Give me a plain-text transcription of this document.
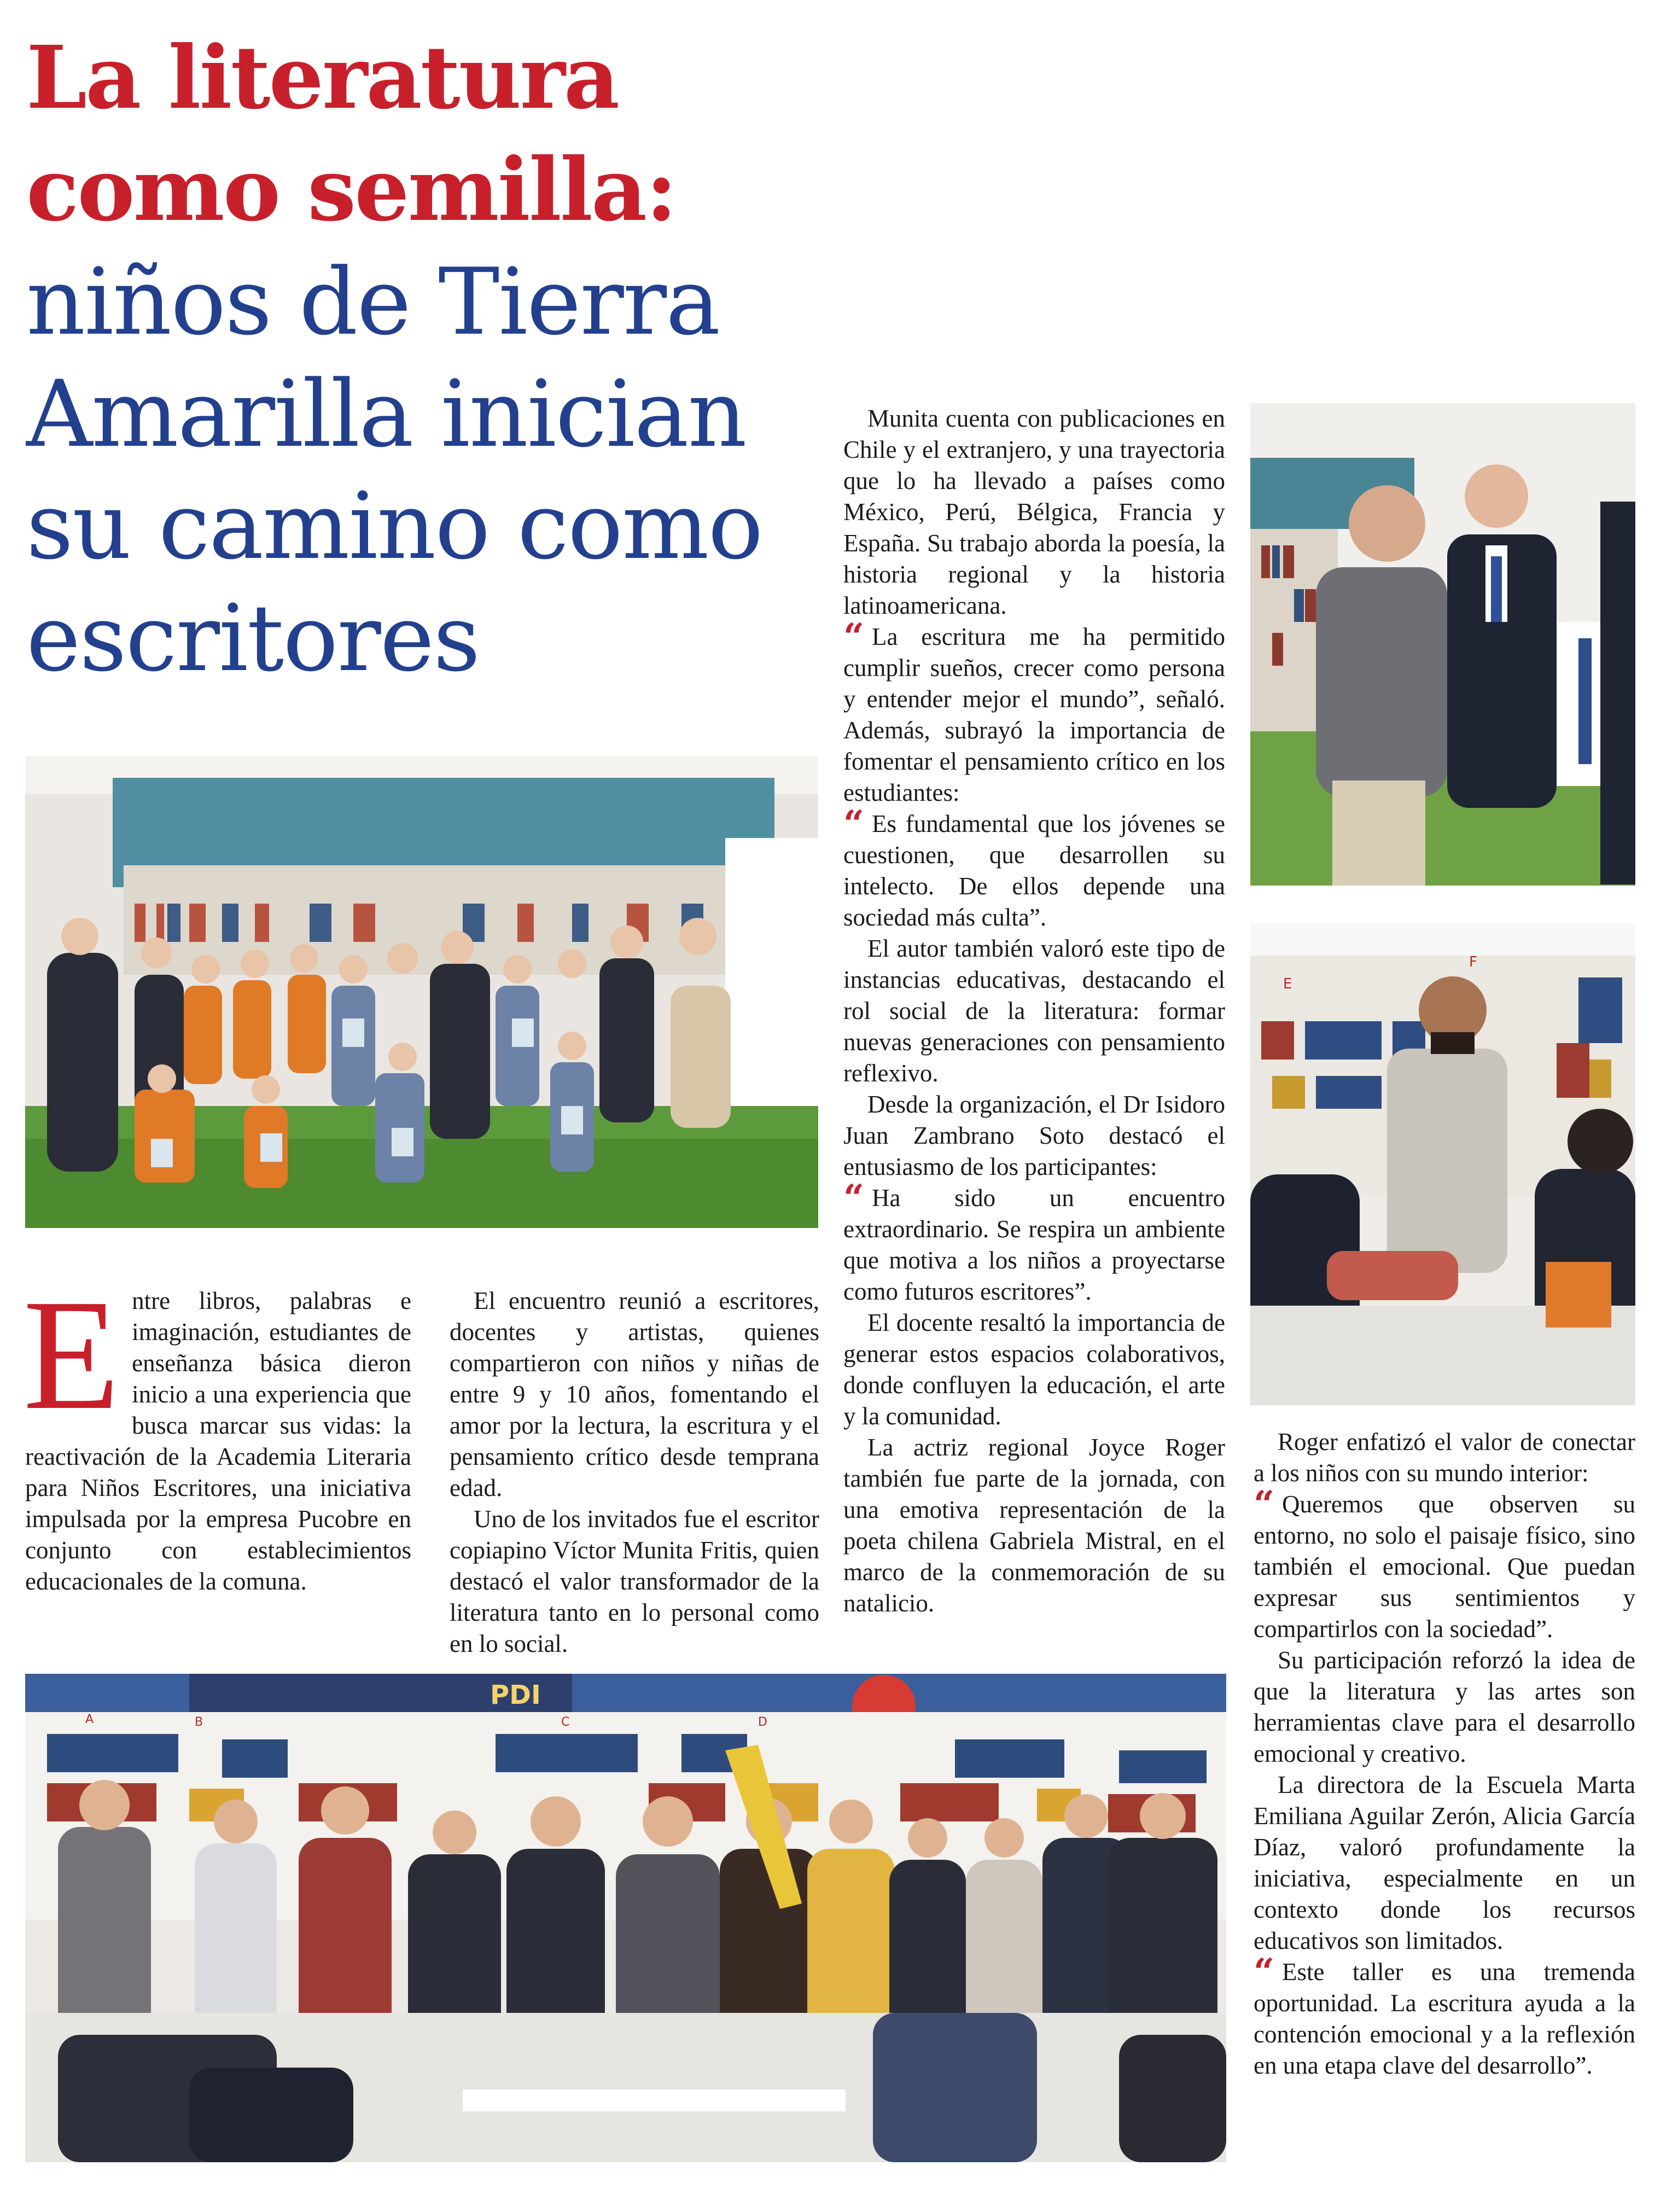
La literatura
como semilla:
niños de Tierra
Amarilla inician
su camino como
escritores
E
F
PDI
A	B	C	D

E ntre libros, palabras e imaginación, estudiantes de enseñanza básica dieron inicio a una experiencia que busca marcar sus vidas: la reactivación de la Academia Literaria para Niños Escritores, una iniciativa impulsada por la empresa Pucobre en conjunto con establecimientos educacionales de la comuna.

El encuentro reunió a escritores, docentes y artistas, quienes compartieron con niños y niñas de entre 9 y 10 años, fomentando el amor por la lectura, la escritura y el pensamiento crítico desde temprana edad.

Uno de los invitados fue el escritor copiapino Víctor Munita Fritis, quien destacó el valor transformador de la literatura tanto en lo personal como en lo social.

Munita cuenta con publicaciones en Chile y el extranjero, y una trayectoria que lo ha llevado a países como México, Perú, Bélgica, Francia y España. Su trabajo aborda la poesía, la historia regional y la historia latinoamericana.

“ La escritura me ha permitido cumplir sueños, crecer como persona y entender mejor el mundo”, señaló. Además, subrayó la importancia de fomentar el pensamiento crítico en los estudiantes:

“ Es fundamental que los jóvenes se cuestionen, que desarrollen su intelecto. De ellos depende una sociedad más culta”.

El autor también valoró este tipo de instancias educativas, destacando el rol social de la literatura: formar nuevas generaciones con pensamiento reflexivo.

Desde la organización, el Dr Isidoro Juan Zambrano Soto destacó el entusiasmo de los participantes:

“ Ha sido un encuentro extraordinario. Se respira un ambiente que motiva a los niños a proyectarse como futuros escritores”.

El docente resaltó la importancia de generar estos espacios colaborativos, donde confluyen la educación, el arte y la comunidad.

La actriz regional Joyce Roger también fue parte de la jornada, con una emotiva representación de la poeta chilena Gabriela Mistral, en el marco de la conmemoración de su natalicio.

Roger enfatizó el valor de conectar a los niños con su mundo interior:

“ Queremos que observen su entorno, no solo el paisaje físico, sino también el emocional. Que puedan expresar sus sentimientos y compartirlos con la sociedad”.

Su participación reforzó la idea de que la literatura y las artes son herramientas clave para el desarrollo emocional y creativo.

La directora de la Escuela Marta Emiliana Aguilar Zerón, Alicia García Díaz, valoró profundamente la iniciativa, especialmente en un contexto donde los recursos educativos son limitados.

“ Este taller es una tremenda oportunidad. La escritura ayuda a la contención emocional y a la reflexión en una etapa clave del desarrollo”.
